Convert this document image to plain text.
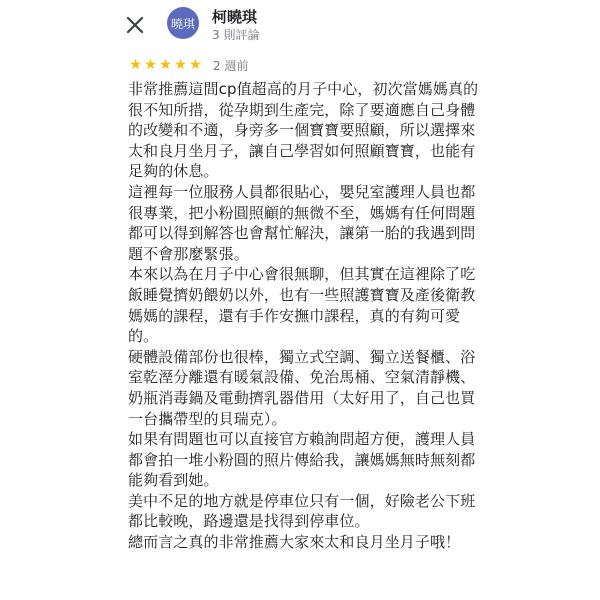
曉琪 柯曉琪
3 則評論
★ ★ ★ ★ ★ 2 週前

非常推薦這間cp值超高的月子中心，初次當媽媽真的很不知所措，從孕期到生產完，除了要適應自己身體的改變和不適，身旁多一個寶寶要照顧，所以選擇來太和良月坐月子，讓自己學習如何照顧寶寶，也能有足夠的休息。

這裡每一位服務人員都很貼心，嬰兒室護理人員也都很專業，把小粉圓照顧的無微不至，媽媽有任何問題都可以得到解答也會幫忙解決，讓第一胎的我遇到問題不會那麼緊張。

本來以為在月子中心會很無聊，但其實在這裡除了吃飯睡覺擠奶餵奶以外，也有一些照護寶寶及產後衛教媽媽的課程，還有手作安撫巾課程，真的有夠可愛的。

硬體設備部份也很棒，獨立式空調、獨立送餐櫃、浴室乾溼分離還有暖氣設備、免治馬桶、空氣清靜機、奶瓶消毒鍋及電動擠乳器借用（太好用了，自己也買一台攜帶型的貝瑞克）。

如果有問題也可以直接官方賴詢問超方便，護理人員都會拍一堆小粉圓的照片傳給我，讓媽媽無時無刻都能夠看到她。

美中不足的地方就是停車位只有一個，好險老公下班都比較晚，路邊還是找得到停車位。

總而言之真的非常推薦大家來太和良月坐月子哦！
